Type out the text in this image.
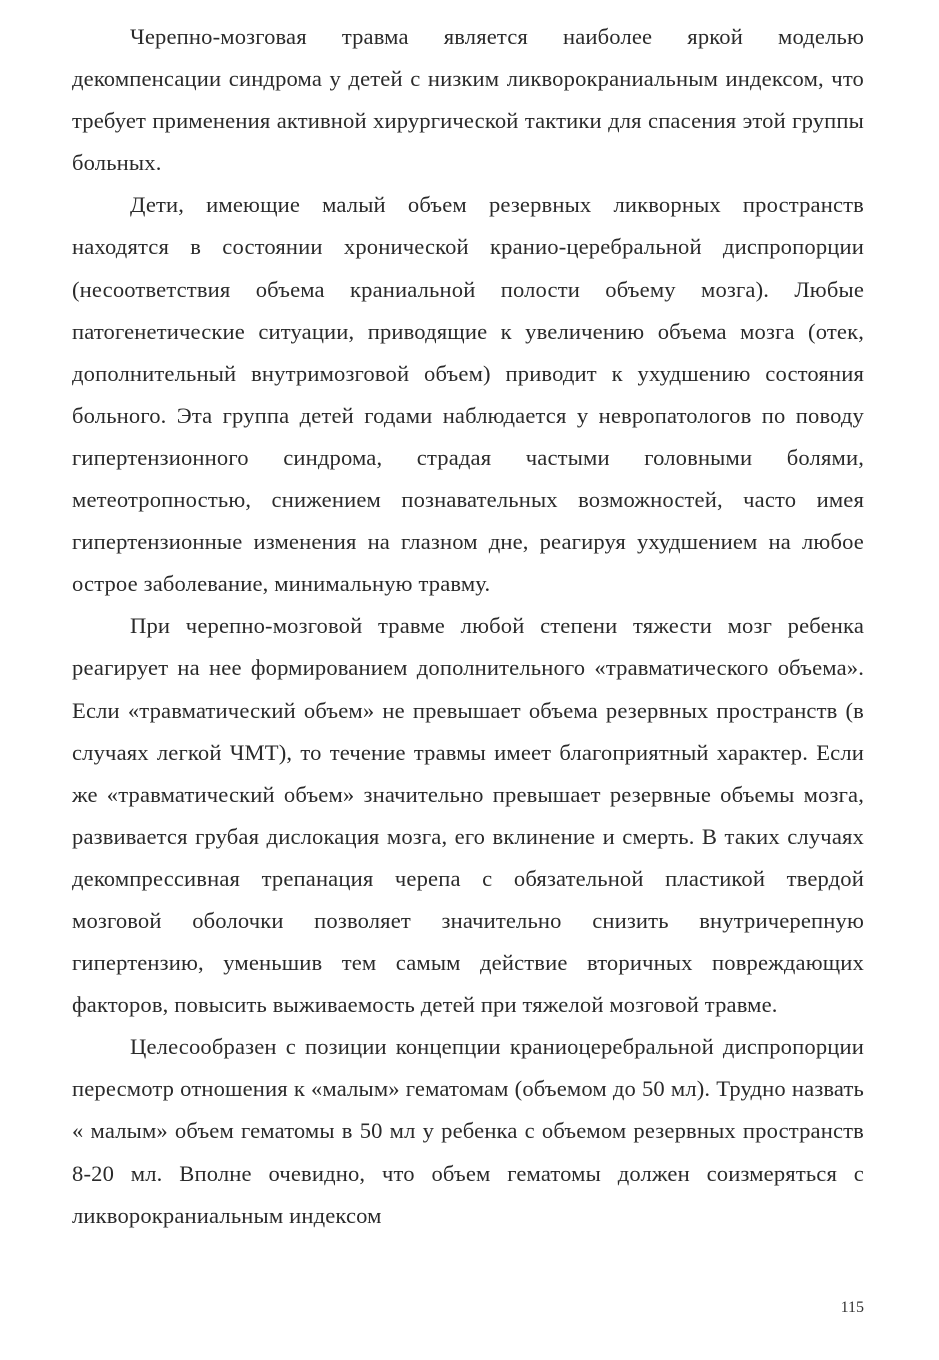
Черепно-мозговая травма является наиболее яркой моделью декомпенсации синдрома у детей с низким ликворокраниальным индексом, что требует применения активной хирургической тактики для спасения этой группы больных.

Дети, имеющие малый объем резервных ликворных пространств находятся в состоянии хронической кранио-церебральной диспропорции (несоответствия объема краниальной полости объему мозга). Любые патогенетические ситуации, приводящие к увеличению объема мозга (отек, дополнительный внутримозговой объем) приводит к ухудшению состояния больного. Эта группа детей годами наблюдается у невропатологов по поводу гипертензионного синдрома, страдая частыми головными болями, метеотропностью, снижением познавательных возможностей, часто имея гипертензионные изменения на глазном дне, реагируя ухудшением на любое острое заболевание, минимальную травму.

При черепно-мозговой травме любой степени тяжести мозг ребенка реагирует на нее формированием дополнительного «травматического объема». Если «травматический объем» не превышает объема резервных пространств (в случаях легкой ЧМТ), то течение травмы имеет благоприятный характер. Если же «травматический объем» значительно превышает резервные объемы мозга, развивается грубая дислокация мозга, его вклинение и смерть. В таких случаях декомпрессивная трепанация черепа с обязательной пластикой твердой мозговой оболочки позволяет значительно снизить внутричерепную гипертензию, уменьшив тем самым действие вторичных повреждающих факторов, повысить выживаемость детей при тяжелой мозговой травме.

Целесообразен с позиции концепции краниоцеребральной диспропорции пересмотр отношения к «малым» гематомам (объемом до 50 мл). Трудно назвать « малым» объем гематомы в 50 мл у ребенка с объемом резервных пространств 8-20 мл. Вполне очевидно, что объем гематомы должен соизмеряться с ликворокраниальным индексом

115
